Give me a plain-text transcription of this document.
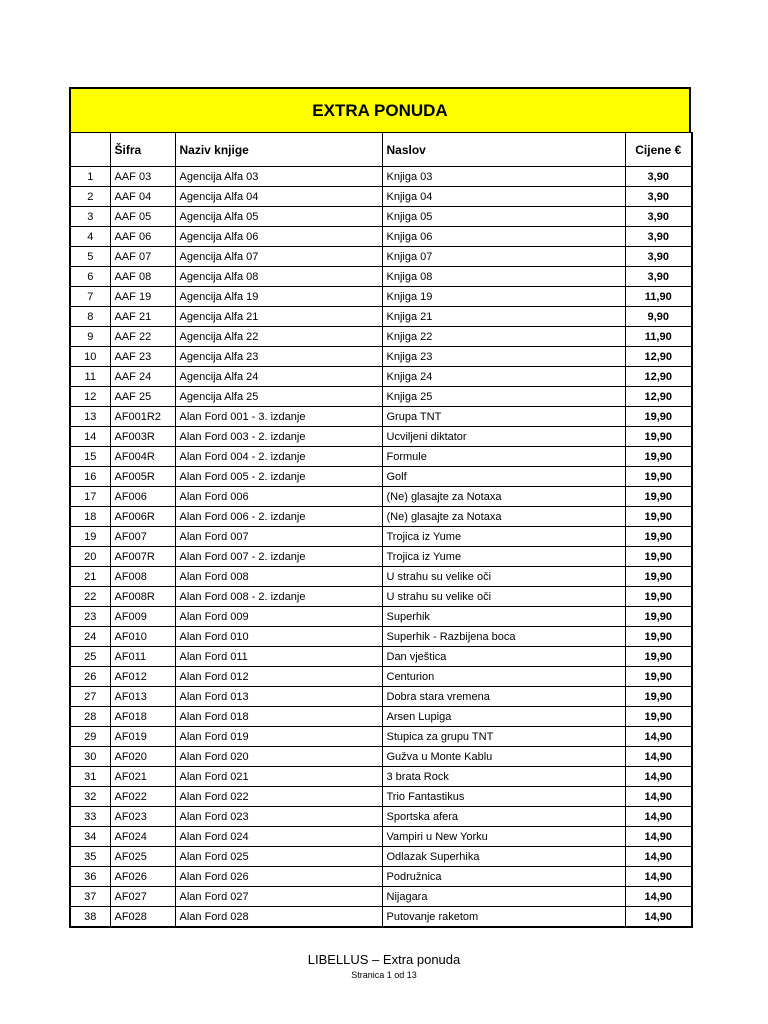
EXTRA PONUDA
	Šifra	Naziv knjige	Naslov	Cijene €
1	AAF 03	Agencija Alfa 03	Knjiga 03	3,90
2	AAF 04	Agencija Alfa 04	Knjiga 04	3,90
3	AAF 05	Agencija Alfa 05	Knjiga 05	3,90
4	AAF 06	Agencija Alfa 06	Knjiga 06	3,90
5	AAF 07	Agencija Alfa 07	Knjiga 07	3,90
6	AAF 08	Agencija Alfa 08	Knjiga 08	3,90
7	AAF 19	Agencija Alfa 19	Knjiga 19	11,90
8	AAF 21	Agencija Alfa 21	Knjiga 21	9,90
9	AAF 22	Agencija Alfa 22	Knjiga 22	11,90
10	AAF 23	Agencija Alfa 23	Knjiga 23	12,90
11	AAF 24	Agencija Alfa 24	Knjiga 24	12,90
12	AAF 25	Agencija Alfa 25	Knjiga 25	12,90
13	AF001R2	Alan Ford 001 - 3. izdanje	Grupa TNT	19,90
14	AF003R	Alan Ford 003 - 2. izdanje	Ucviljeni diktator	19,90
15	AF004R	Alan Ford 004 - 2. izdanje	Formule	19,90
16	AF005R	Alan Ford 005 - 2. izdanje	Golf	19,90
17	AF006	Alan Ford 006	(Ne) glasajte za Notaxa	19,90
18	AF006R	Alan Ford 006 - 2. izdanje	(Ne) glasajte za Notaxa	19,90
19	AF007	Alan Ford 007	Trojica iz Yume	19,90
20	AF007R	Alan Ford 007 - 2. izdanje	Trojica iz Yume	19,90
21	AF008	Alan Ford 008	U strahu su velike oči	19,90
22	AF008R	Alan Ford 008 - 2. izdanje	U strahu su velike oči	19,90
23	AF009	Alan Ford 009	Superhik	19,90
24	AF010	Alan Ford 010	Superhik - Razbijena boca	19,90
25	AF011	Alan Ford 011	Dan vještica	19,90
26	AF012	Alan Ford 012	Centurion	19,90
27	AF013	Alan Ford 013	Dobra stara vremena	19,90
28	AF018	Alan Ford 018	Arsen Lupiga	19,90
29	AF019	Alan Ford 019	Stupica za grupu TNT	14,90
30	AF020	Alan Ford 020	Gužva u Monte Kablu	14,90
31	AF021	Alan Ford 021	3 brata Rock	14,90
32	AF022	Alan Ford 022	Trio Fantastikus	14,90
33	AF023	Alan Ford 023	Sportska afera	14,90
34	AF024	Alan Ford 024	Vampiri u New Yorku	14,90
35	AF025	Alan Ford 025	Odlazak Superhika	14,90
36	AF026	Alan Ford 026	Podružnica	14,90
37	AF027	Alan Ford 027	Nijagara	14,90
38	AF028	Alan Ford 028	Putovanje raketom	14,90
LIBELLUS – Extra ponuda
Stranica 1 od 13
